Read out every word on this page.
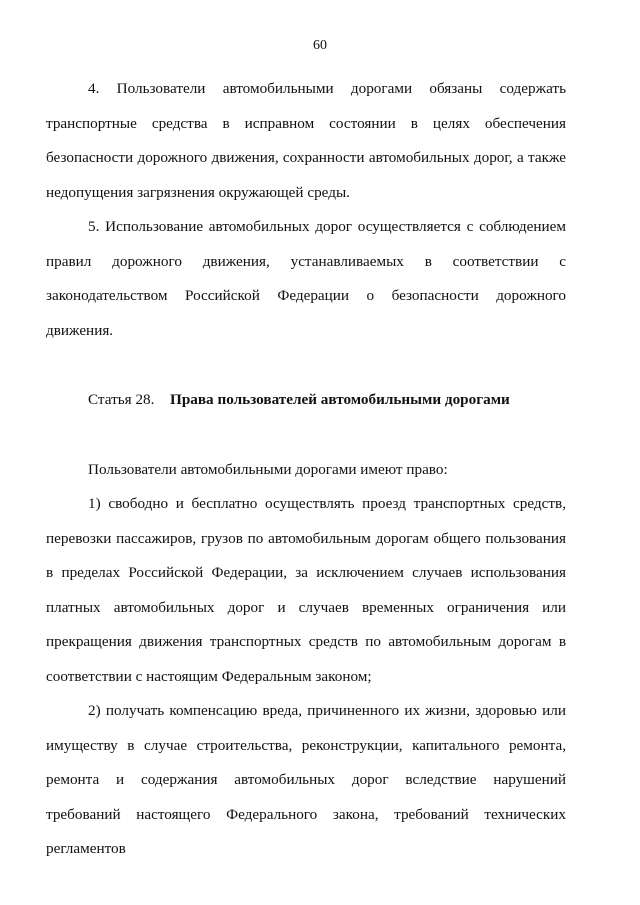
60

4. Пользователи автомобильными дорогами обязаны содержать транспортные средства в исправном состоянии в целях обеспечения безопасности дорожного движения, сохранности автомобильных дорог, а также недопущения загрязнения окружающей среды.

5. Использование автомобильных дорог осуществляется с соблюдением правил дорожного движения, устанавливаемых в соответствии с законодательством Российской Федерации о безопасности дорожного движения.

Статья 28. Права пользователей автомобильными дорогами

Пользователи автомобильными дорогами имеют право:

1) свободно и бесплатно осуществлять проезд транспортных средств, перевозки пассажиров, грузов по автомобильным дорогам общего пользования в пределах Российской Федерации, за исключением случаев использования платных автомобильных дорог и случаев временных ограничения или прекращения движения транспортных средств по автомобильным дорогам в соответствии с настоящим Федеральным законом;

2) получать компенсацию вреда, причиненного их жизни, здоровью или имуществу в случае строительства, реконструкции, капитального ремонта, ремонта и содержания автомобильных дорог вследствие нарушений требований настоящего Федерального закона, требований технических регламентов
